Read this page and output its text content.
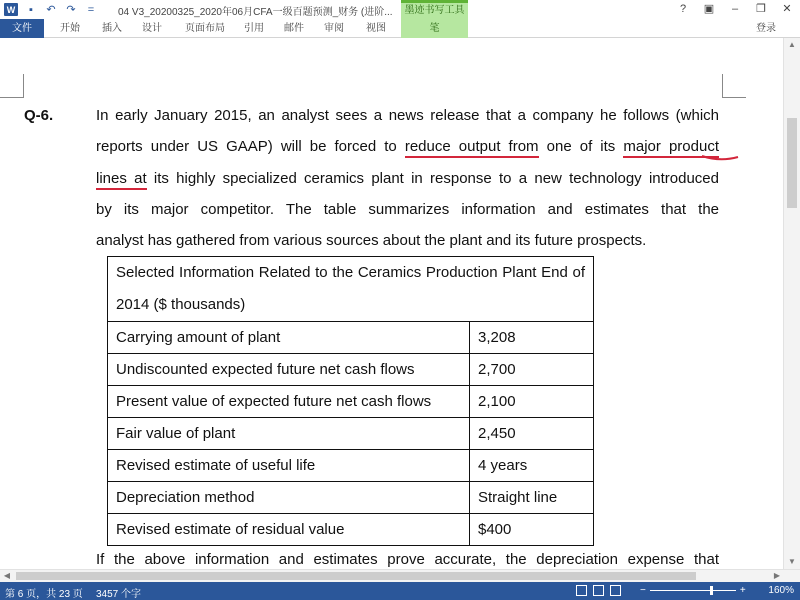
W	▪	↶ ↷	=	04 V3_20200325_2020年06月CFA一级百题预测_财务 (进阶...	墨迹书写工具	?	▣	–	❐	✕
文件	开始	插入	设计	页面布局	引用	邮件	审阅	视图	笔	登录
Q-6.	In early January 2015, an analyst sees a news release that a company he follows (which
reports under US GAAP) will be forced to reduce output from one of its major product
lines at its highly specialized ceramics plant in response to a new technology introduced
by its major competitor. The table summarizes information and estimates that the
analyst has gathered from various sources about the plant and its future prospects.
Selected Information Related to the Ceramics Production Plant End of 2014 ($ thousands)	
Carrying amount of plant	3,208
Undiscounted expected future net cash flows	2,700
Present value of expected future net cash flows	2,100
Fair value of plant	2,450
Revised estimate of useful life	4 years
Depreciation method	Straight line
Revised estimate of residual value	$400
If the above information and estimates prove accurate, the depreciation expense that
▲
▼
◀	▶
第 6 页，共 23 页 3457 个字	−	+ 160%
